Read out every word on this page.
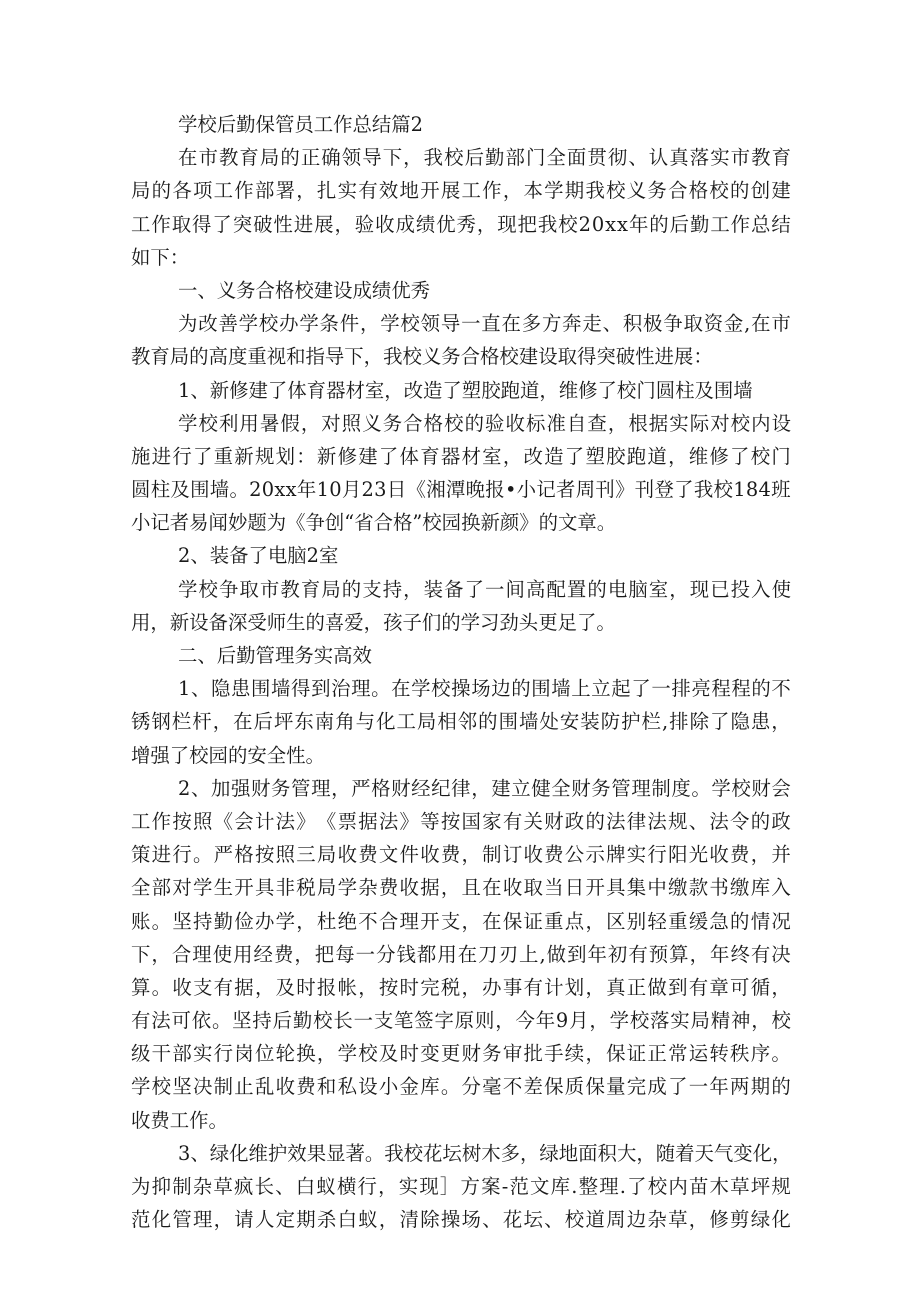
学校后勤保管员工作总结篇2
在 市 教 育 局 的 正 确 领 导 下 ， 我 校 后 勤 部 门 全 面 贯 彻 、 认 真 落 实 市 教 育
局 的 各 项 工 作 部 署 ， 扎 实 有 效 地 开 展 工 作 ， 本 学 期 我 校 义 务 合 格 校 的 创 建
工 作 取 得 了 突 破 性 进 展 ， 验 收 成 绩 优 秀 ， 现 把 我 校 2 0 x x 年 的 后 勤 工 作 总 结
如下：
一、义务合格校建设成绩优秀
为 改 善 学 校 办 学 条 件 ， 学 校 领 导 一 直 在 多 方 奔 走 、 积 极 争 取 资 金 , 在 市
教育局的高度重视和指导下，我校义务合格校建设取得突破性进展：
1、新修建了体育器材室，改造了塑胶跑道，维修了校门圆柱及围墙
学 校 利 用 暑 假 ， 对 照 义 务 合 格 校 的 验 收 标 准 自 查 ， 根 据 实 际 对 校 内 设
施 进 行 了 重 新 规 划 ： 新 修 建 了 体 育 器 材 室 ， 改 造 了 塑 胶 跑 道 ， 维 修 了 校 门
圆 柱 及 围 墙 。 2 0 x x 年 1 0 月 2 3 日 《 湘 潭 晚 报 • 小 记 者 周 刊 》 刊 登 了 我 校 1 8 4 班
小记者易闻妙题为《争创“省合格”校园换新颜》的文章。
2、装备了电脑2室
学 校 争 取 市 教 育 局 的 支 持 ， 装 备 了 一 间 高 配 置 的 电 脑 室 ， 现 已 投 入 使
用，新设备深受师生的喜爱，孩子们的学习劲头更足了。
二、后勤管理务实高效
1 、 隐 患 围 墙 得 到 治 理 。 在 学 校 操 场 边 的 围 墙 上 立 起 了 一 排 亮 程 程 的 不
锈 钢 栏 杆 ， 在 后 坪 东 南 角 与 化 工 局 相 邻 的 围 墙 处 安 装 防 护 栏 , 排 除 了 隐 患 ，
增强了校园的安全性。
2 、 加 强 财 务 管 理 ， 严 格 财 经 纪 律 ， 建 立 健 全 财 务 管 理 制 度 。 学 校 财 会
工 作 按 照 《 会 计 法 》 《 票 据 法 》 等 按 国 家 有 关 财 政 的 法 律 法 规 、 法 令 的 政
策 进 行 。 严 格 按 照 三 局 收 费 文 件 收 费 ， 制 订 收 费 公 示 牌 实 行 阳 光 收 费 ， 并
全 部 对 学 生 开 具 非 税 局 学 杂 费 收 据 ， 且 在 收 取 当 日 开 具 集 中 缴 款 书 缴 库 入
账 。 坚 持 勤 俭 办 学 ， 杜 绝 不 合 理 开 支 ， 在 保 证 重 点 ， 区 别 轻 重 缓 急 的 情 况
下 ， 合 理 使 用 经 费 ， 把 每 一 分 钱 都 用 在 刀 刃 上 , 做 到 年 初 有 预 算 ， 年 终 有 决
算 。 收 支 有 据 ， 及 时 报 帐 ， 按 时 完 税 ， 办 事 有 计 划 ， 真 正 做 到 有 章 可 循 ，
有 法 可 依 。 坚 持 后 勤 校 长 一 支 笔 签 字 原 则 ， 今 年 9 月 ， 学 校 落 实 局 精 神 ， 校
级 干 部 实 行 岗 位 轮 换 ， 学 校 及 时 变 更 财 务 审 批 手 续 ， 保 证 正 常 运 转 秩 序 。
学 校 坚 决 制 止 乱 收 费 和 私 设 小 金 库 。 分 毫 不 差 保 质 保 量 完 成 了 一 年 两 期 的
收费工作。
3 、 绿 化 维 护 效 果 显 著 。 我 校 花 坛 树 木 多 ， 绿 地 面 积 大 ， 随 着 天 气 变 化 ，
为 抑 制 杂 草 疯 长 、 白 蚁 横 行 ， 实 现 ］ 方 案 - 范 文 库 . 整 理 . 了 校 内 苗 木 草 坪 规
范 化 管 理 ， 请 人 定 期 杀 白 蚁 ， 清 除 操 场 、 花 坛 、 校 道 周 边 杂 草 ， 修 剪 绿 化
